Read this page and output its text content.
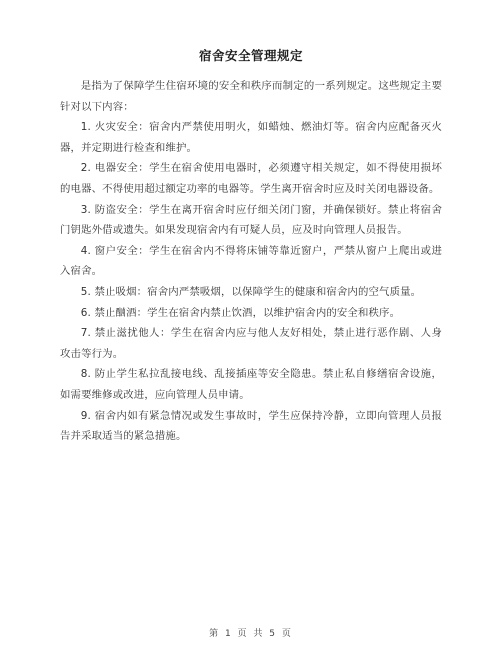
宿舍安全管理规定

是指为了保障学生住宿环境的安全和秩序而制定的一系列规定。这些规定主要针对以下内容：

1. 火灾安全：宿舍内严禁使用明火，如蜡烛、燃油灯等。宿舍内应配备灭火器，并定期进行检查和维护。

2. 电器安全：学生在宿舍使用电器时，必须遵守相关规定，如不得使用损坏的电器、不得使用超过额定功率的电器等。学生离开宿舍时应及时关闭电器设备。

3. 防盗安全：学生在离开宿舍时应仔细关闭门窗，并确保锁好。禁止将宿舍门钥匙外借或遗失。如果发现宿舍内有可疑人员，应及时向管理人员报告。

4. 窗户安全：学生在宿舍内不得将床铺等靠近窗户，严禁从窗户上爬出或进入宿舍。

5. 禁止吸烟：宿舍内严禁吸烟，以保障学生的健康和宿舍内的空气质量。

6. 禁止酗酒：学生在宿舍内禁止饮酒，以维护宿舍内的安全和秩序。

7. 禁止滋扰他人：学生在宿舍内应与他人友好相处，禁止进行恶作剧、人身攻击等行为。

8. 防止学生私拉乱接电线、乱接插座等安全隐患。禁止私自修缮宿舍设施，如需要维修或改进，应向管理人员申请。

9. 宿舍内如有紧急情况或发生事故时，学生应保持冷静，立即向管理人员报告并采取适当的紧急措施。

第 1 页 共 5 页
